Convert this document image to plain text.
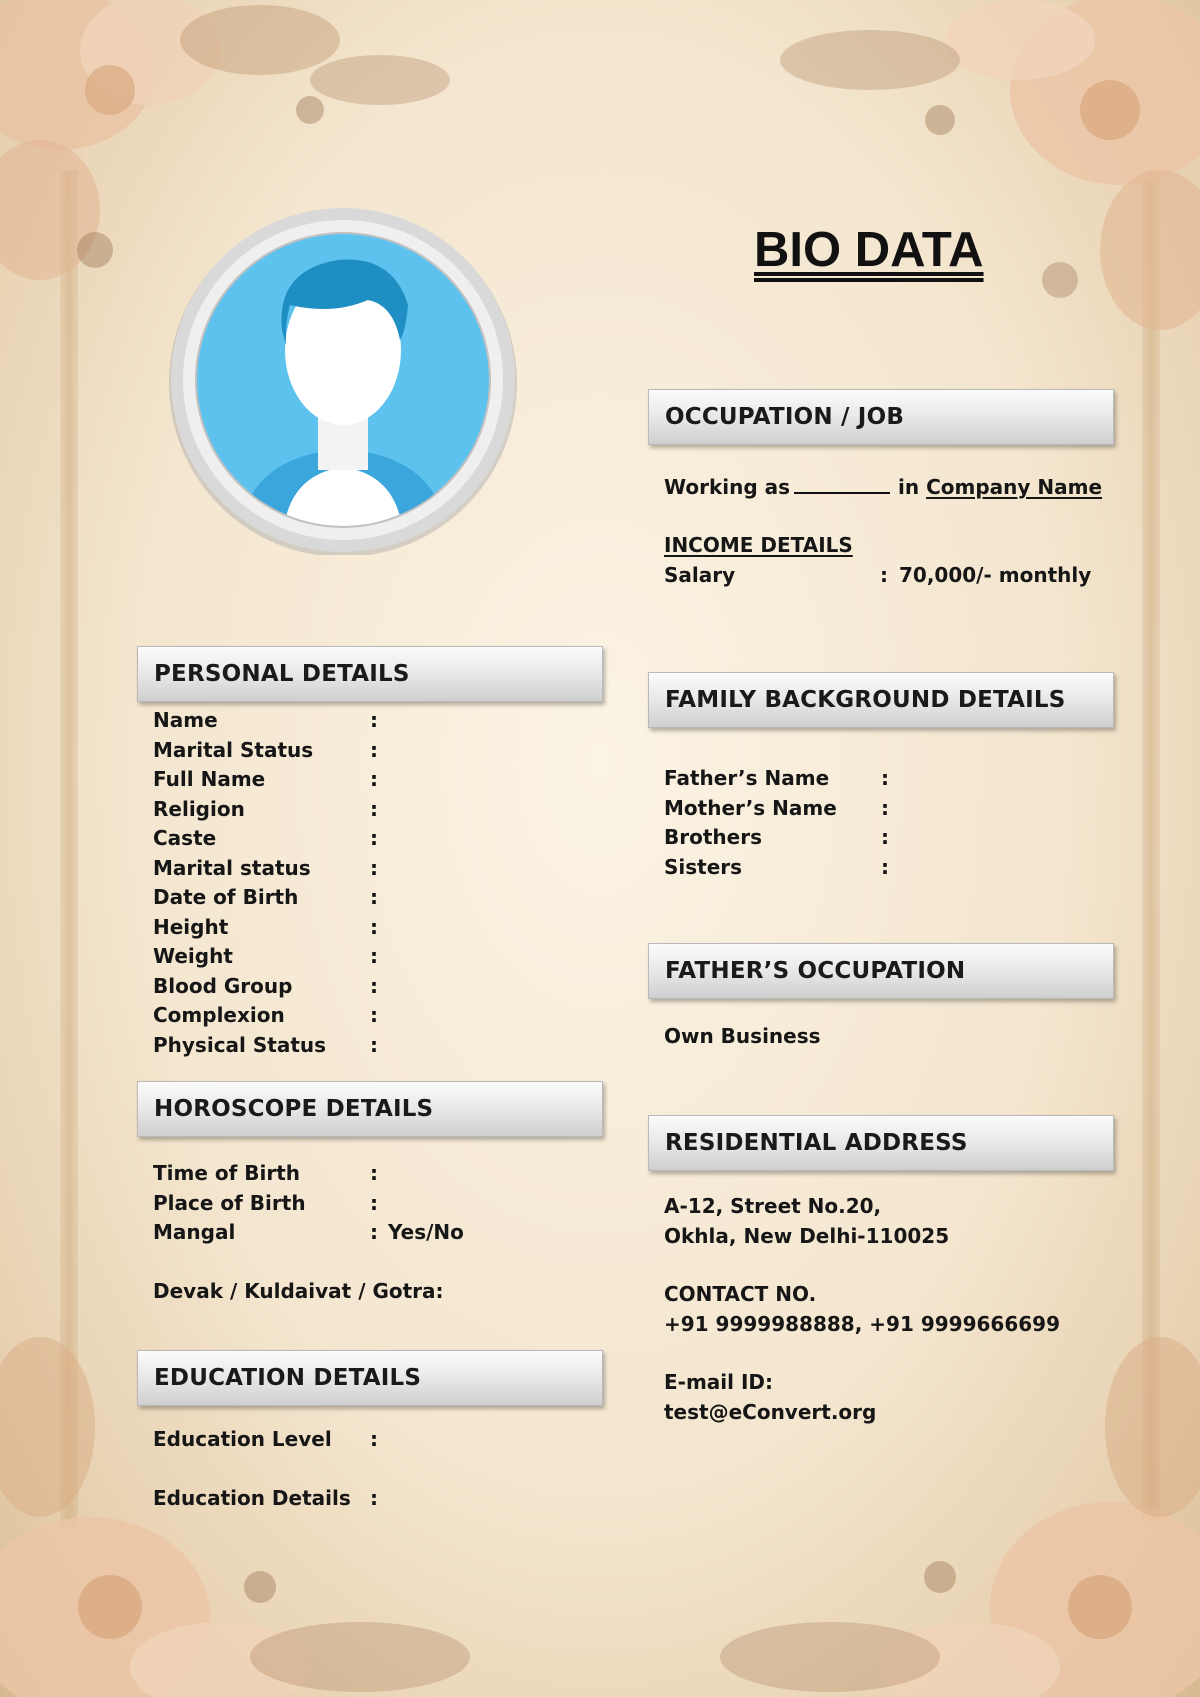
BIO DATA
OCCUPATION / JOB
Working as	in Company Name
INCOME DETAILS
Salary	: 70,000/- monthly
PERSONAL DETAILS
Name	:
Marital Status	:
Full Name	:
Religion	:
Caste	:
Marital status	:
Date of Birth	:
Height	:
Weight	:
Blood Group	:
Complexion	:
Physical Status :
FAMILY BACKGROUND DETAILS
Father’s Name	:
Mother’s Name :
Brothers	:
Sisters	:
FATHER’S OCCUPATION
Own Business
HOROSCOPE DETAILS
Time of Birth	:
Place of Birth	:
Mangal	: Yes/No
Devak / Kuldaivat / Gotra:
RESIDENTIAL ADDRESS
A-12, Street No.20,
Okhla, New Delhi-110025
CONTACT NO.
+91 9999988888, +91 9999666699
E-mail ID:
test@eConvert.org
EDUCATION DETAILS
Education Level :
Education Details :
